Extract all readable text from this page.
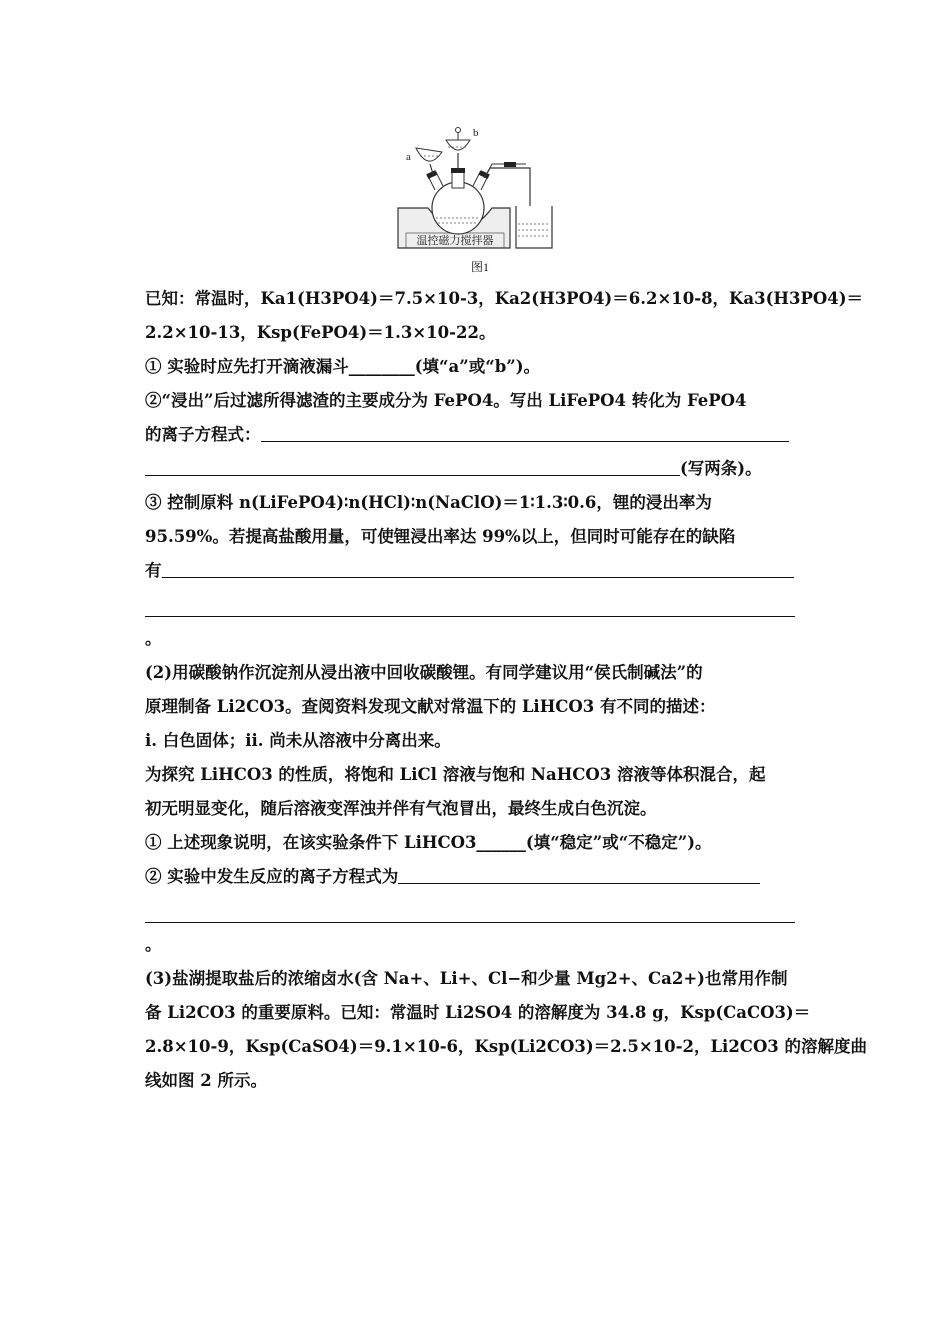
温控磁力搅拌器
b
a
图1
已知：常温时，Ka1(H3PO4)＝7.5×10-3，Ka2(H3PO4)＝6.2×10-8，Ka3(H3PO4)＝
2.2×10-13，Ksp(FePO4)＝1.3×10-22。
① 实验时应先打开滴液漏斗________(填“a”或“b”)。
②“浸出”后过滤所得滤渣的主要成分为 FePO4。写出 LiFePO4 转化为 FePO4
的离子方程式：
(写两条)。
③ 控制原料 n(LiFePO4)∶n(HCl)∶n(NaClO)＝1∶1.3∶0.6，锂的浸出率为
95.59%。若提高盐酸用量，可使锂浸出率达 99%以上，但同时可能存在的缺陷
有
。
(2)用碳酸钠作沉淀剂从浸出液中回收碳酸锂。有同学建议用“侯氏制碱法”的
原理制备 Li2CO3。查阅资料发现文献对常温下的 LiHCO3 有不同的描述：
ⅰ. 白色固体；ⅱ. 尚未从溶液中分离出来。
为探究 LiHCO3 的性质，将饱和 LiCl 溶液与饱和 NaHCO3 溶液等体积混合，起
初无明显变化，随后溶液变浑浊并伴有气泡冒出，最终生成白色沉淀。
① 上述现象说明，在该实验条件下 LiHCO3______(填“稳定”或“不稳定”)。
② 实验中发生反应的离子方程式为
。
(3)盐湖提取盐后的浓缩卤水(含 Na+、Li+、Cl−和少量 Mg2+、Ca2+)也常用作制
备 Li2CO3 的重要原料。已知：常温时 Li2SO4 的溶解度为 34.8 g，Ksp(CaCO3)＝
2.8×10-9，Ksp(CaSO4)＝9.1×10-6，Ksp(Li2CO3)＝2.5×10-2，Li2CO3 的溶解度曲
线如图 2 所示。
